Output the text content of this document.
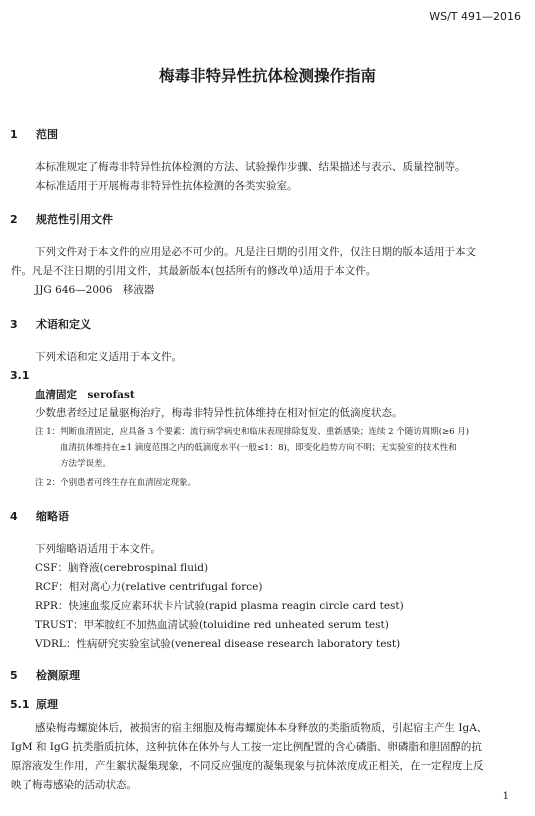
WS/T 491—2016
梅毒非特异性抗体检测操作指南
1 范围
本标准规定了梅毒非特异性抗体检测的方法、试验操作步骤、结果描述与表示、质量控制等。
本标准适用于开展梅毒非特异性抗体检测的各类实验室。
2 规范性引用文件
下列文件对于本文件的应用是必不可少的。凡是注日期的引用文件，仅注日期的版本适用于本文
件。凡是不注日期的引用文件，其最新版本(包括所有的修改单)适用于本文件。
JJG 646—2006　移液器
3 术语和定义
下列术语和定义适用于本文件。
3.1
血清固定　serofast
少数患者经过足量驱梅治疗，梅毒非特异性抗体维持在相对恒定的低滴度状态。
注 1：判断血清固定，应具备 3 个要素：流行病学病史和临床表现排除复发、重新感染；连续 2 个随访周期(≥6 月)
血清抗体维持在±1 滴度范围之内的低滴度水平(一般≤1：8)，即变化趋势方向不明；无实验室的技术性和
方法学误差。
注 2：个别患者可终生存在血清固定现象。
4 缩略语
下列缩略语适用于本文件。
CSF：脑脊液(cerebrospinal fluid)
RCF：相对离心力(relative centrifugal force)
RPR：快速血浆反应素环状卡片试验(rapid plasma reagin circle card test)
TRUST：甲苯胺红不加热血清试验(toluidine red unheated serum test)
VDRL：性病研究实验室试验(venereal disease research laboratory test)
5 检测原理
5.1 原理
感染梅毒螺旋体后，被损害的宿主细胞及梅毒螺旋体本身释放的类脂质物质，引起宿主产生 IgA、
IgM 和 IgG 抗类脂质抗体，这种抗体在体外与人工按一定比例配置的含心磷脂、卵磷脂和胆固醇的抗
原溶液发生作用，产生絮状凝集现象，不同反应强度的凝集现象与抗体浓度成正相关，在一定程度上反
映了梅毒感染的活动状态。
1
